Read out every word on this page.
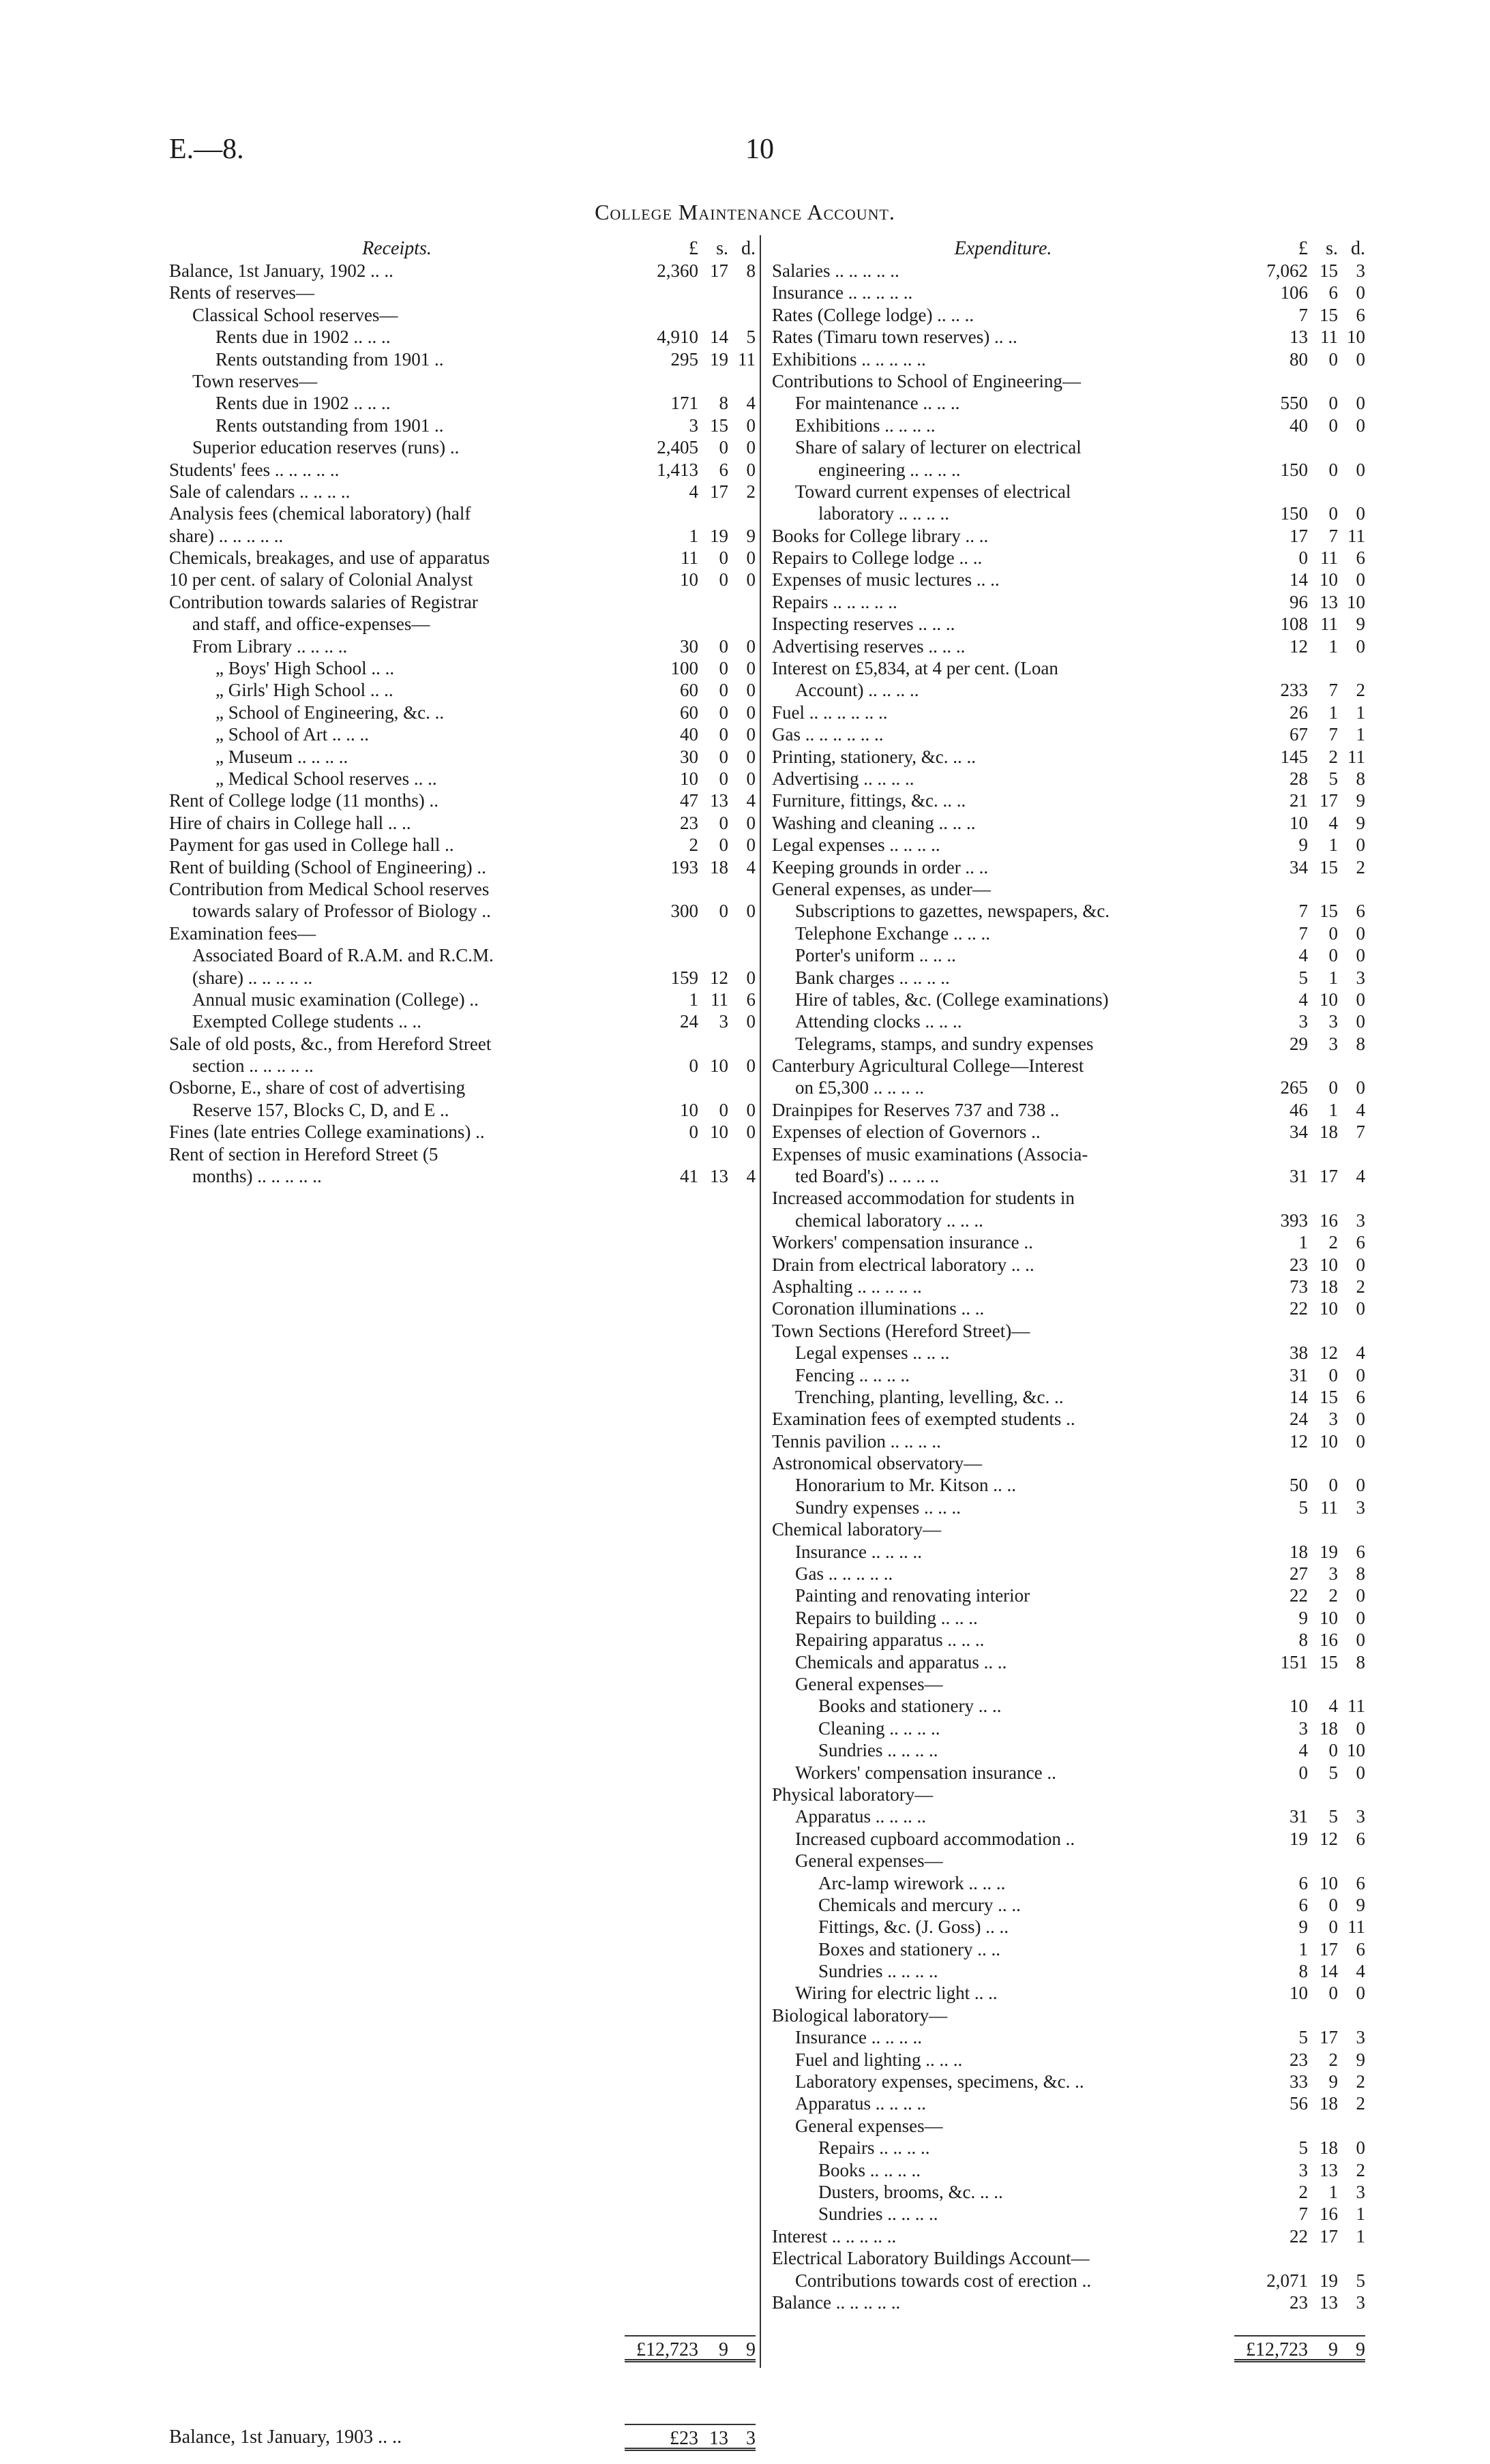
E.—8.	10
College Maintenance Account.
Receipts.	£ s. d.
Balance, 1st January, 1902 .. ..	2,360 17 8
Rents of reserves—
Classical School reserves—
Rents due in 1902 .. .. ..	4,910 14 5
Rents outstanding from 1901 ..	295 19 11
Town reserves—
Rents due in 1902 .. .. ..	171	8 4
Rents outstanding from 1901 ..	3 15 0
Superior education reserves (runs) ..	2,405	0 0
Students' fees .. .. .. .. ..	1,413	6 0
Sale of calendars .. .. .. ..	4 17 2
Analysis fees (chemical laboratory) (half
share) .. .. .. .. ..	1 19 9
Chemicals, breakages, and use of apparatus	11	0 0
10 per cent. of salary of Colonial Analyst	10	0 0
Contribution towards salaries of Registrar
and staff, and office-expenses—
From Library .. .. .. ..	30	0 0
„ Boys' High School .. ..	100	0 0
„ Girls' High School .. ..	60	0 0
„ School of Engineering, &c. ..	60	0 0
„ School of Art .. .. ..	40	0 0
„ Museum .. .. .. ..	30	0 0
„ Medical School reserves .. ..	10	0 0
Rent of College lodge (11 months) ..	47 13 4
Hire of chairs in College hall .. ..	23	0 0
Payment for gas used in College hall ..	2	0 0
Rent of building (School of Engineering) ..	193 18 4
Contribution from Medical School reserves
towards salary of Professor of Biology ..	300	0 0
Examination fees—
Associated Board of R.A.M. and R.C.M.
(share) .. .. .. .. ..	159 12 0
Annual music examination (College) ..	1 11 6
Exempted College students .. ..	24	3 0
Sale of old posts, &c., from Hereford Street
section .. .. .. .. ..	0 10 0
Osborne, E., share of cost of advertising
Reserve 157, Blocks C, D, and E ..	10	0 0
Fines (late entries College examinations) ..	0 10 0
Rent of section in Hereford Street (5
months) .. .. .. .. ..	41 13 4
Expenditure.	£ s. d.
Salaries .. .. .. .. ..	7,062 15 3
Insurance .. .. .. .. ..	106	6 0
Rates (College lodge) .. .. ..	7 15 6
Rates (Timaru town reserves) .. ..	13 11 10
Exhibitions .. .. .. .. ..	80	0 0
Contributions to School of Engineering—
For maintenance .. .. ..	550	0 0
Exhibitions .. .. .. ..	40	0 0
Share of salary of lecturer on electrical
engineering .. .. .. ..	150	0 0
Toward current expenses of electrical
laboratory .. .. .. ..	150	0 0
Books for College library .. ..	17	7 11
Repairs to College lodge .. ..	0 11 6
Expenses of music lectures .. ..	14 10 0
Repairs .. .. .. .. ..	96 13 10
Inspecting reserves .. .. ..	108 11 9
Advertising reserves .. .. ..	12	1 0
Interest on £5,834, at 4 per cent. (Loan
Account) .. .. .. ..	233	7 2
Fuel .. .. .. .. .. ..	26	1 1
Gas .. .. .. .. .. ..	67	7 1
Printing, stationery, &c. .. ..	145	2 11
Advertising .. .. .. ..	28	5 8
Furniture, fittings, &c. .. ..	21 17 9
Washing and cleaning .. .. ..	10	4 9
Legal expenses .. .. .. ..	9	1 0
Keeping grounds in order .. ..	34 15 2
General expenses, as under—
Subscriptions to gazettes, newspapers, &c.	7 15 6
Telephone Exchange .. .. ..	7	0 0
Porter's uniform .. .. ..	4	0 0
Bank charges .. .. .. ..	5	1 3
Hire of tables, &c. (College examinations)	4 10 0
Attending clocks .. .. ..	3	3 0
Telegrams, stamps, and sundry expenses	29	3 8
Canterbury Agricultural College—Interest
on £5,300 .. .. .. ..	265	0 0
Drainpipes for Reserves 737 and 738 ..	46	1 4
Expenses of election of Governors ..	34 18 7
Expenses of music examinations (Associa-
ted Board's) .. .. .. ..	31 17 4
Increased accommodation for students in
chemical laboratory .. .. ..	393 16 3
Workers' compensation insurance ..	1	2 6
Drain from electrical laboratory .. ..	23 10 0
Asphalting .. .. .. .. ..	73 18 2
Coronation illuminations .. ..	22 10 0
Town Sections (Hereford Street)—
Legal expenses .. .. ..	38 12 4
Fencing .. .. .. ..	31	0 0
Trenching, planting, levelling, &c. ..	14 15 6
Examination fees of exempted students ..	24	3 0
Tennis pavilion .. .. .. ..	12 10 0
Astronomical observatory—
Honorarium to Mr. Kitson .. ..	50	0 0
Sundry expenses .. .. ..	5 11 3
Chemical laboratory—
Insurance .. .. .. ..	18 19 6
Gas .. .. .. .. ..	27	3 8
Painting and renovating interior	22	2 0
Repairs to building .. .. ..	9 10 0
Repairing apparatus .. .. ..	8 16 0
Chemicals and apparatus .. ..	151 15 8
General expenses—
Books and stationery .. ..	10	4 11
Cleaning .. .. .. ..	3 18 0
Sundries .. .. .. ..	4	0 10
Workers' compensation insurance ..	0	5 0
Physical laboratory—
Apparatus .. .. .. ..	31	5 3
Increased cupboard accommodation ..	19 12 6
General expenses—
Arc-lamp wirework .. .. ..	6 10 6
Chemicals and mercury .. ..	6	0 9
Fittings, &c. (J. Goss) .. ..	9	0 11
Boxes and stationery .. ..	1 17 6
Sundries .. .. .. ..	8 14 4
Wiring for electric light .. ..	10	0 0
Biological laboratory—
Insurance .. .. .. ..	5 17 3
Fuel and lighting .. .. ..	23	2 9
Laboratory expenses, specimens, &c. ..	33	9 2
Apparatus .. .. .. ..	56 18 2
General expenses—
Repairs .. .. .. ..	5 18 0
Books .. .. .. ..	3 13 2
Dusters, brooms, &c. .. ..	2	1 3
Sundries .. .. .. ..	7 16 1
Interest .. .. .. .. ..	22 17 1
Electrical Laboratory Buildings Account—
Contributions towards cost of erection ..	2,071 19 5
Balance .. .. .. .. ..	23 13 3
£12,723	9 9	£12,723	9 9
Balance, 1st January, 1903 .. ..	£23 13 3
